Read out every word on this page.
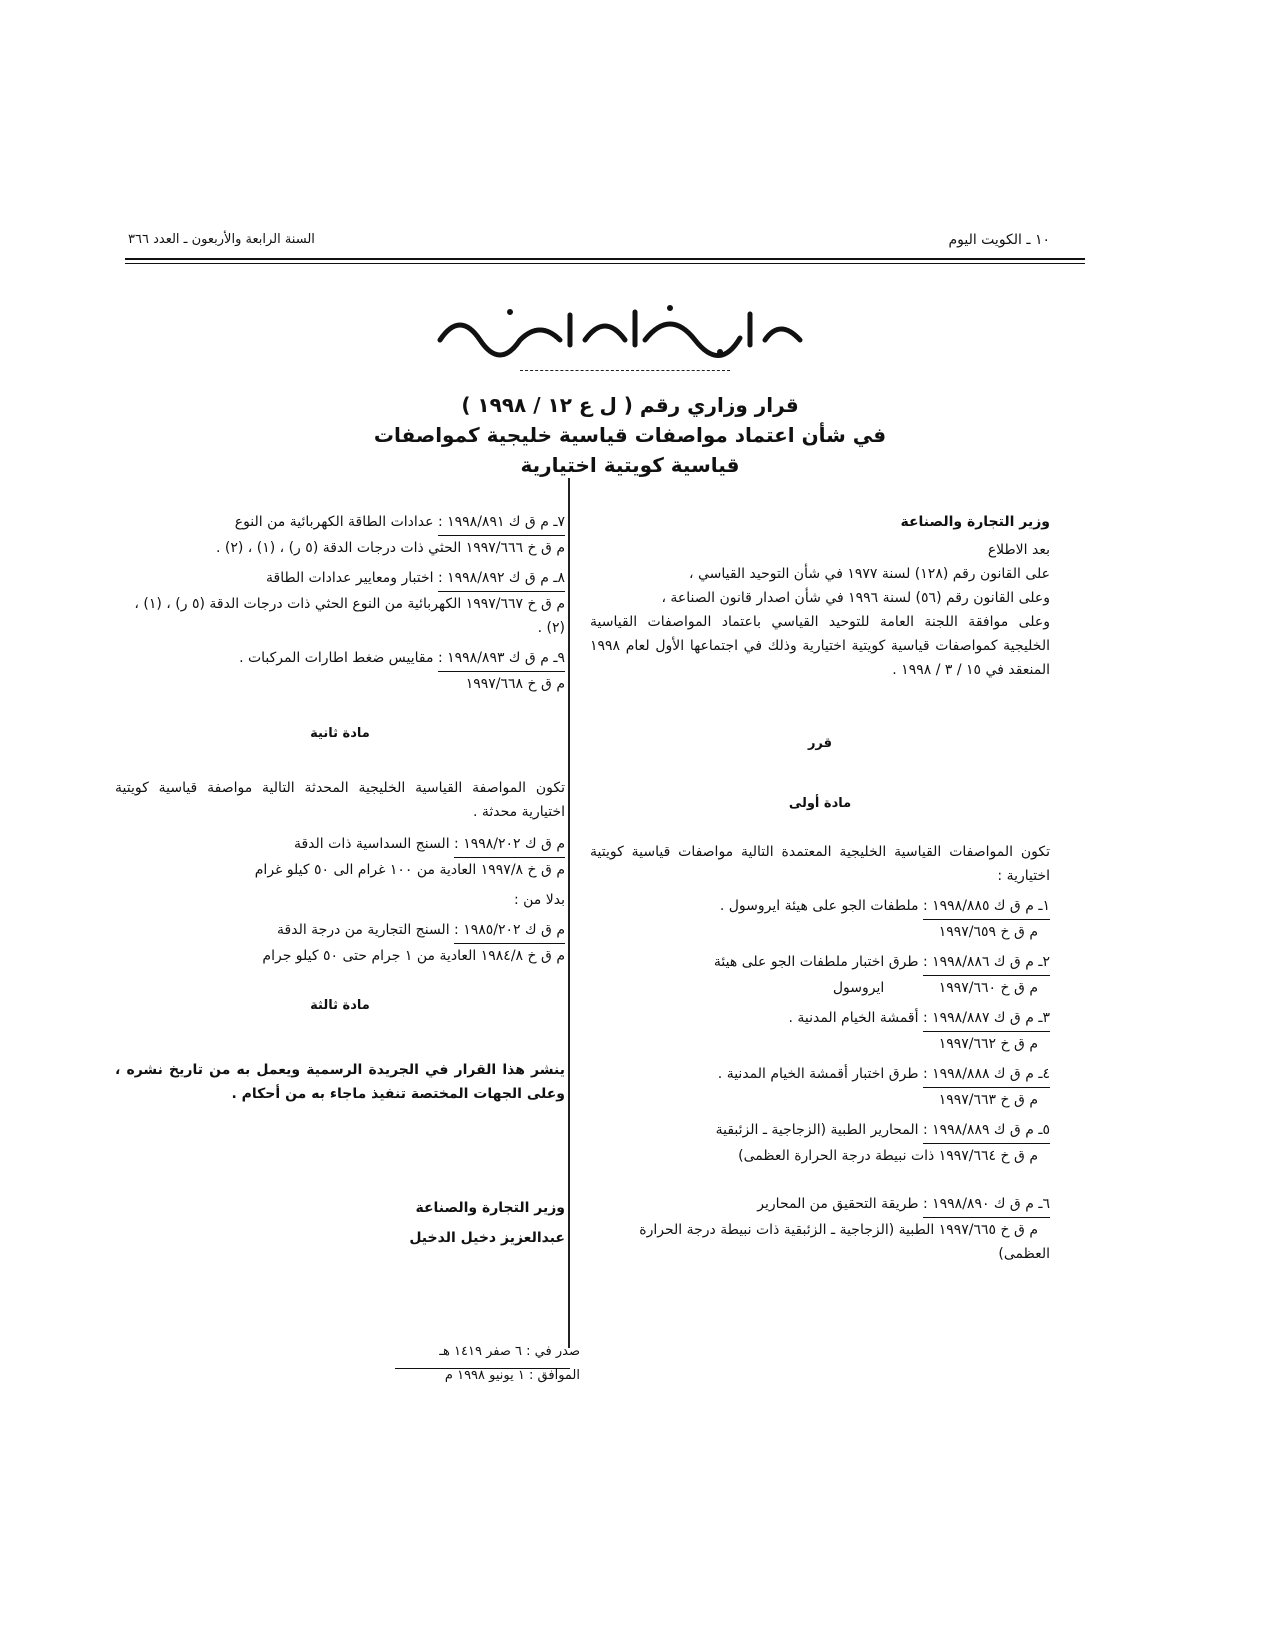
١٠ ـ الكويت اليوم
السنة الرابعة والأربعون ـ العدد ٣٦٦
قرار وزاري رقم ( ل ع ١٢ / ١٩٩٨ )
في شأن اعتماد مواصفات قياسية خليجية كمواصفات
قياسية كويتية اختيارية
وزير التجارة والصناعة
بعد الاطلاع
على القانون رقم (١٢٨) لسنة ١٩٧٧ في شأن التوحيد القياسي ،
وعلى القانون رقم (٥٦) لسنة ١٩٩٦ في شأن اصدار قانون الصناعة ،
وعلى موافقة اللجنة العامة للتوحيد القياسي باعتماد المواصفات القياسية الخليجية كمواصفات قياسية كويتية اختيارية وذلك في اجتماعها الأول لعام ١٩٩٨ المنعقد في ١٥ / ٣ / ١٩٩٨ .
قرر
مادة أولى
تكون المواصفات القياسية الخليجية المعتمدة التالية مواصفات قياسية كويتية اختيارية :
١ـ م ق ك ١٩٩٨/٨٨٥ : ملطفات الجو على هيئة ايروسول .
م ق خ ١٩٩٧/٦٥٩
٢ـ م ق ك ١٩٩٨/٨٨٦ : طرق اختبار ملطفات الجو على هيئة
م ق خ ١٩٩٧/٦٦٠ ايروسول
٣ـ م ق ك ١٩٩٨/٨٨٧ : أقمشة الخيام المدنية .
م ق خ ١٩٩٧/٦٦٢
٤ـ م ق ك ١٩٩٨/٨٨٨ : طرق اختبار أقمشة الخيام المدنية .
م ق خ ١٩٩٧/٦٦٣
٥ـ م ق ك ١٩٩٨/٨٨٩ : المحارير الطبية (الزجاجية ـ الزئبقية
م ق خ ١٩٩٧/٦٦٤ ذات نبيطة درجة الحرارة العظمى)
٦ـ م ق ك ١٩٩٨/٨٩٠ : طريقة التحقيق من المحارير
م ق خ ١٩٩٧/٦٦٥ الطبية (الزجاجية ـ الزئبقية ذات نبيطة درجة الحرارة العظمى)
٧ـ م ق ك ١٩٩٨/٨٩١ : عدادات الطاقة الكهربائية من النوع
م ق خ ١٩٩٧/٦٦٦ الحثي ذات درجات الدقة (٥ ر) ، (١) ، (٢) .
٨ـ م ق ك ١٩٩٨/٨٩٢ : اختبار ومعايير عدادات الطاقة
م ق خ ١٩٩٧/٦٦٧ الكهربائية من النوع الحثي ذات درجات الدقة (٥ ر) ، (١) ، (٢) .
٩ـ م ق ك ١٩٩٨/٨٩٣ : مقاييس ضغط اطارات المركبات .
م ق خ ١٩٩٧/٦٦٨
مادة ثانية
تكون المواصفة القياسية الخليجية المحدثة التالية مواصفة قياسية كويتية اختيارية محدثة .
م ق ك ١٩٩٨/٢٠٢ : السنج السداسية ذات الدقة
م ق خ ١٩٩٧/٨ العادية من ١٠٠ غرام الى ٥٠ كيلو غرام
بدلا من :
م ق ك ١٩٨٥/٢٠٢ : السنج التجارية من درجة الدقة
م ق خ ١٩٨٤/٨ العادية من ١ جرام حتى ٥٠ كيلو جرام
مادة ثالثة
ينشر هذا القرار في الجريدة الرسمية ويعمل به من تاريخ نشره ، وعلى الجهات المختصة تنفيذ ماجاء به من أحكام .
وزير التجارة والصناعة
عبدالعزيز دخيل الدخيل
صدر في : ٦ صفر ١٤١٩ هـ
الموافق : ١ يونيو ١٩٩٨ م
